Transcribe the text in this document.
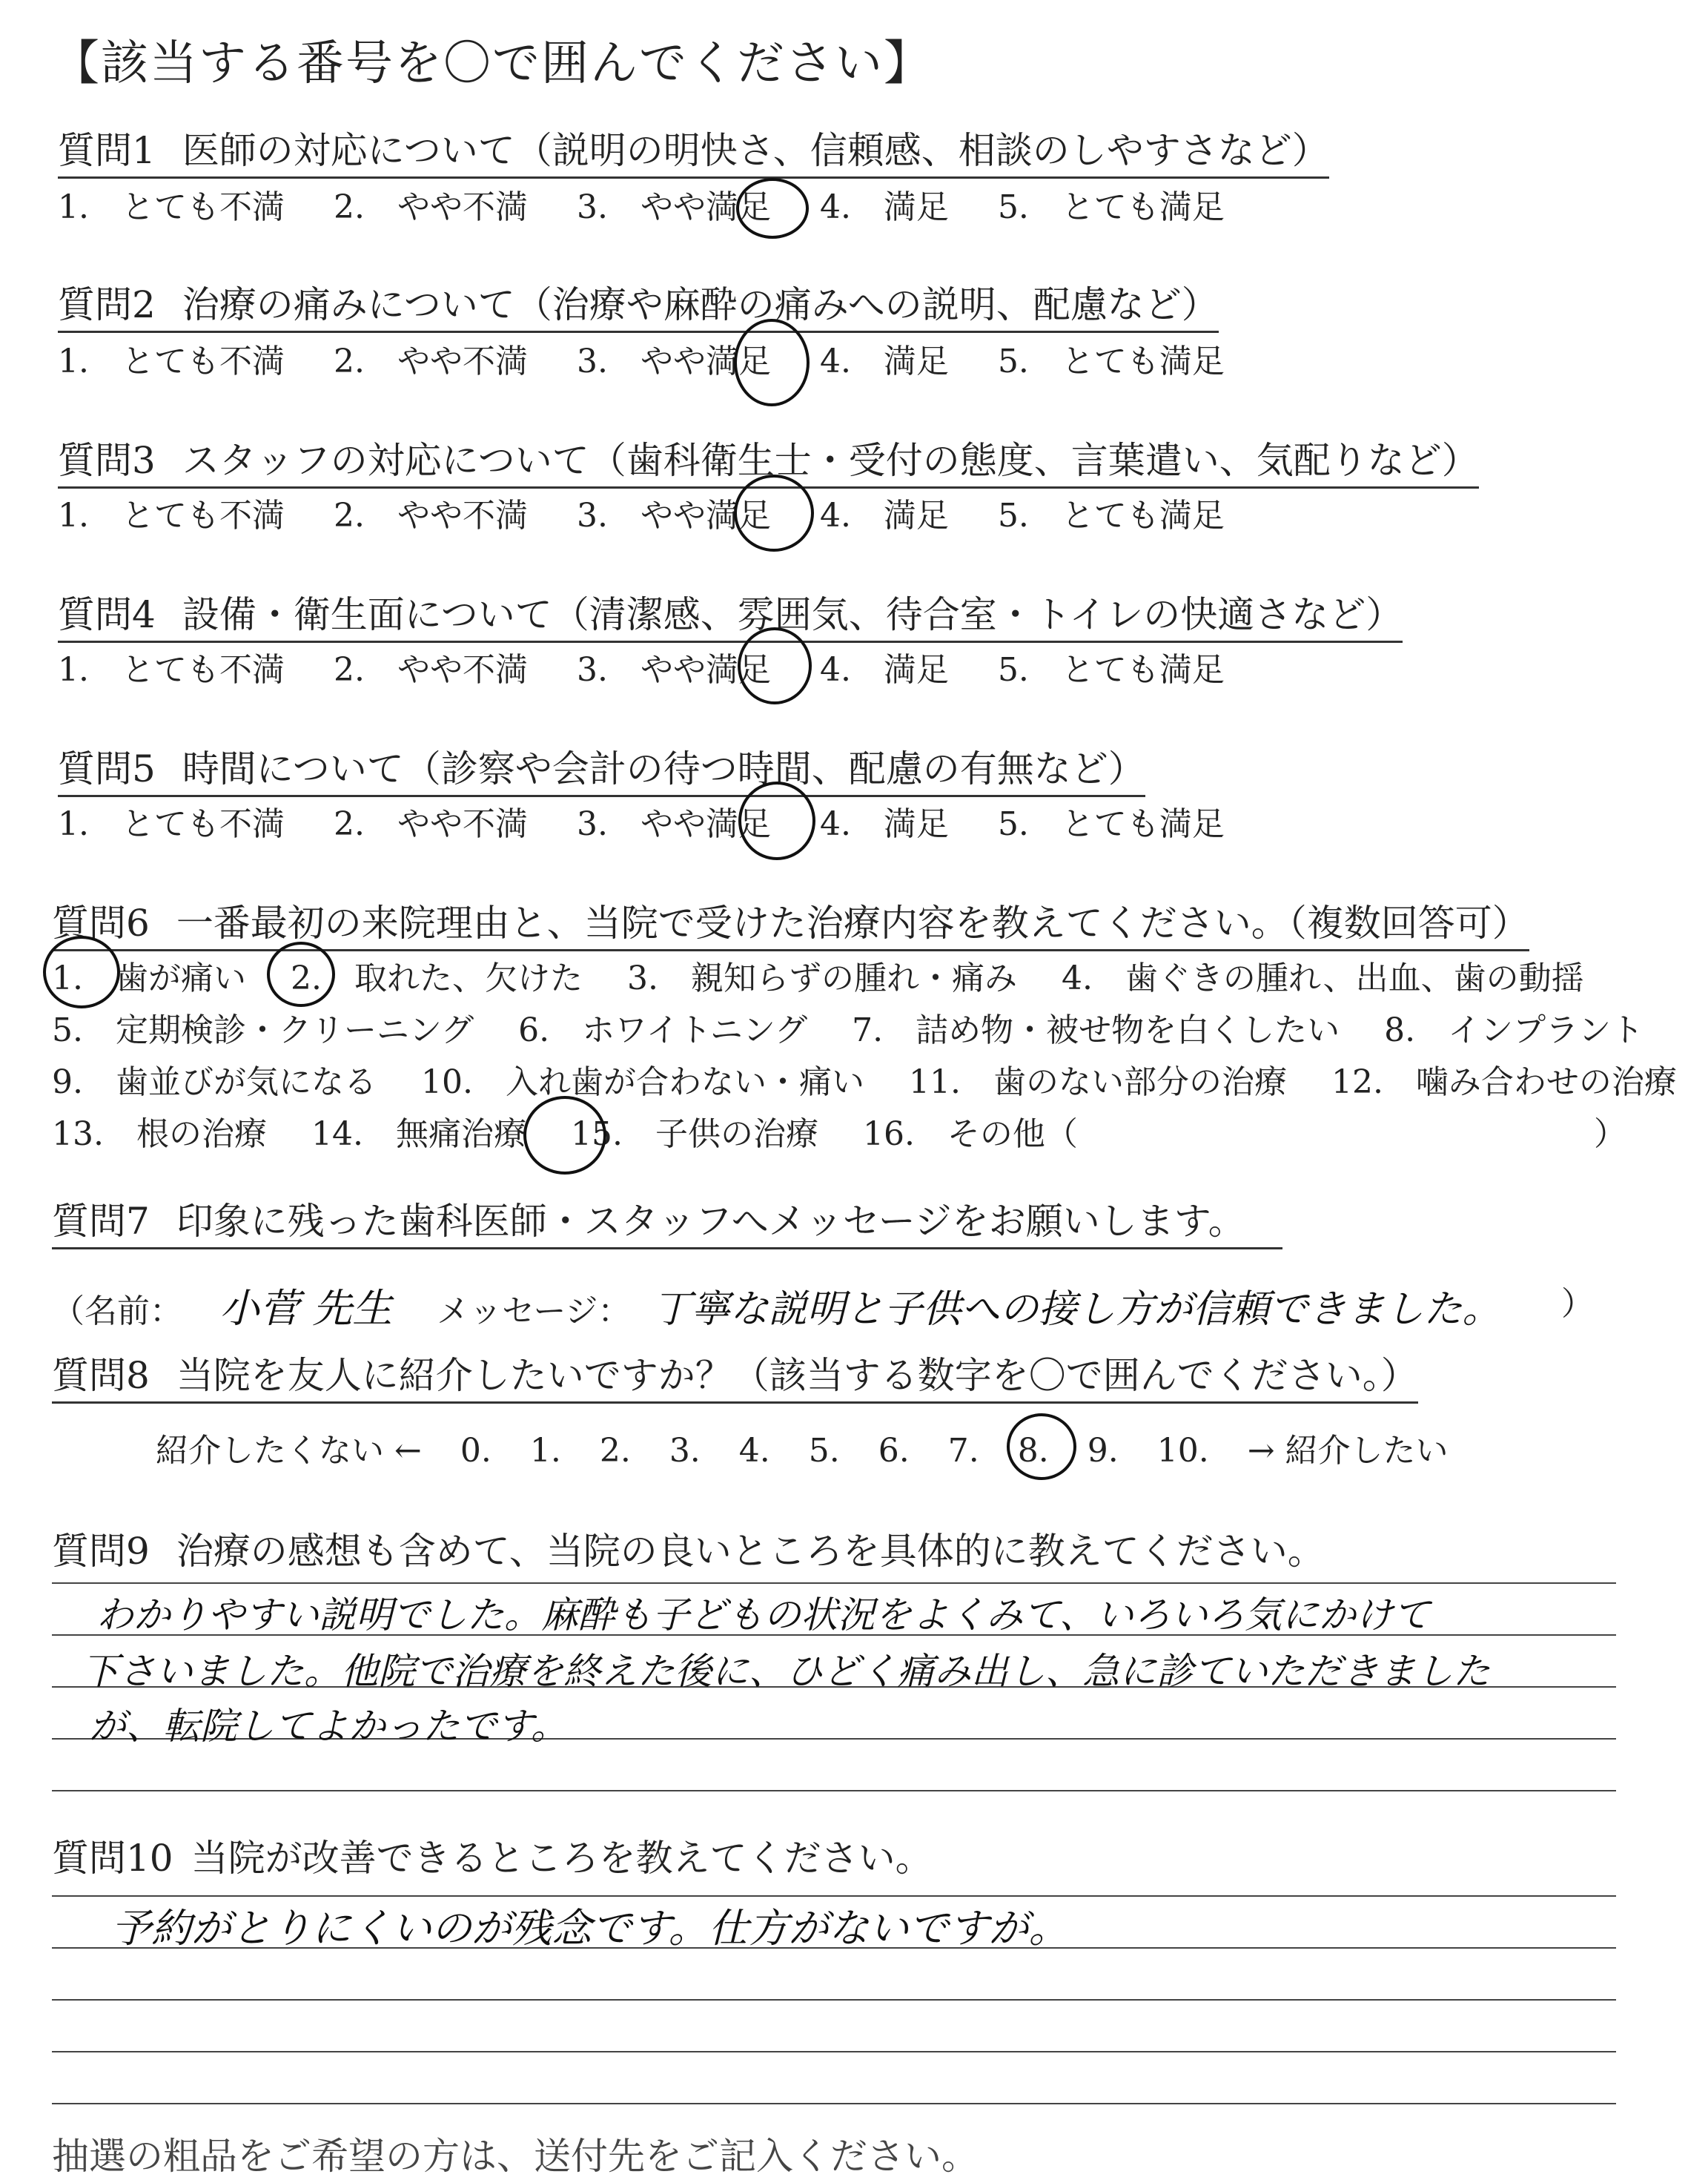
【該当する番号を〇で囲んでください】
質問1 医師の対応について（説明の明快さ、信頼感、相談のしやすさなど）
1.　とても不満 2.　やや不満 3.　やや満足 4.　満足 5.　とても満足
質問2 治療の痛みについて（治療や麻酔の痛みへの説明、配慮など）
1.　とても不満 2.　やや不満 3.　やや満足 4.　満足 5.　とても満足
質問3 スタッフの対応について（歯科衛生士・受付の態度、言葉遣い、気配りなど）
1.　とても不満 2.　やや不満 3.　やや満足 4.　満足 5.　とても満足
質問4 設備・衛生面について（清潔感、雰囲気、待合室・トイレの快適さなど）
1.　とても不満 2.　やや不満 3.　やや満足 4.　満足 5.　とても満足
質問5 時間について（診察や会計の待つ時間、配慮の有無など）
1.　とても不満 2.　やや不満 3.　やや満足 4.　満足 5.　とても満足
質問6 一番最初の来院理由と、当院で受けた治療内容を教えてください。（複数回答可）
1.　歯が痛い 2.　取れた、欠けた 3.　親知らずの腫れ・痛み 4.　歯ぐきの腫れ、出血、歯の動揺
5.　定期検診・クリーニング 6.　ホワイトニング 7.　詰め物・被せ物を白くしたい 8.　インプラント
9.　歯並びが気になる 10.　入れ歯が合わない・痛い 11.　歯のない部分の治療 12.　噛み合わせの治療
13.　根の治療 14.　無痛治療 15.　子供の治療 16.　その他（	）
質問7 印象に残った歯科医師・スタッフへメッセージをお願いします。
（名前： 小菅 先生 メッセージ： 丁寧な説明と子供への接し方が信頼できました。 ）
質問8 当院を友人に紹介したいですか？（該当する数字を〇で囲んでください。）
紹介したくない ← 0. 1. 2. 3. 4. 5. 6. 7. 8. 9. 10. → 紹介したい
質問9 治療の感想も含めて、当院の良いところを具体的に教えてください。
わかりやすい説明でした。麻酔も子どもの状況をよくみて、いろいろ気にかけて
下さいました。他院で治療を終えた後に、ひどく痛み出し、急に診ていただきました
が、転院してよかったです。
質問10 当院が改善できるところを教えてください。
予約がとりにくいのが残念です。仕方がないですが。
抽選の粗品をご希望の方は、送付先をご記入ください。
